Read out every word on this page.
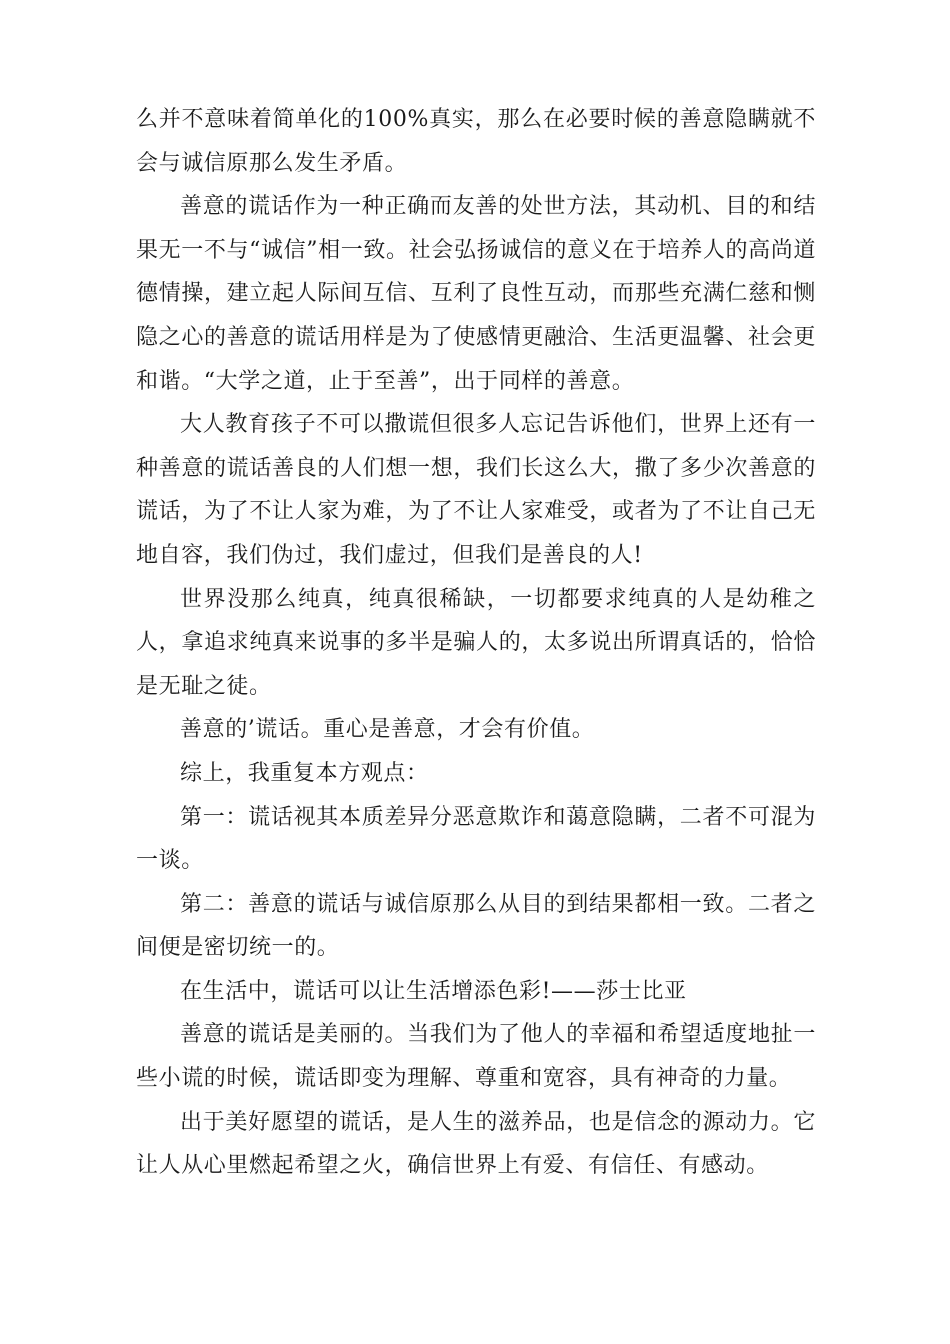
么并不意味着简单化的100%真实，那么在必要时候的善意隐瞒就不会与诚信原那么发生矛盾。

善意的谎话作为一种正确而友善的处世方法，其动机、目的和结果无一不与“诚信”相一致。社会弘扬诚信的意义在于培养人的高尚道德情操，建立起人际间互信、互利了良性互动，而那些充满仁慈和恻隐之心的善意的谎话用样是为了使感情更融洽、生活更温馨、社会更和谐。“大学之道，止于至善”，出于同样的善意。

大人教育孩子不可以撒谎但很多人忘记告诉他们，世界上还有一种善意的谎话善良的人们想一想，我们长这么大，撒了多少次善意的谎话，为了不让人家为难，为了不让人家难受，或者为了不让自己无地自容，我们伪过，我们虚过，但我们是善良的人!

世界没那么纯真，纯真很稀缺，一切都要求纯真的人是幼稚之人，拿追求纯真来说事的多半是骗人的，太多说出所谓真话的，恰恰是无耻之徒。

善意的’谎话。重心是善意，才会有价值。

综上，我重复本方观点：

第一：谎话视其本质差异分恶意欺诈和蔼意隐瞒，二者不可混为一谈。

第二：善意的谎话与诚信原那么从目的到结果都相一致。二者之间便是密切统一的。

在生活中，谎话可以让生活增添色彩!——莎士比亚

善意的谎话是美丽的。当我们为了他人的幸福和希望适度地扯一些小谎的时候，谎话即变为理解、尊重和宽容，具有神奇的力量。

出于美好愿望的谎话，是人生的滋养品，也是信念的源动力。它让人从心里燃起希望之火，确信世界上有爱、有信任、有感动。
